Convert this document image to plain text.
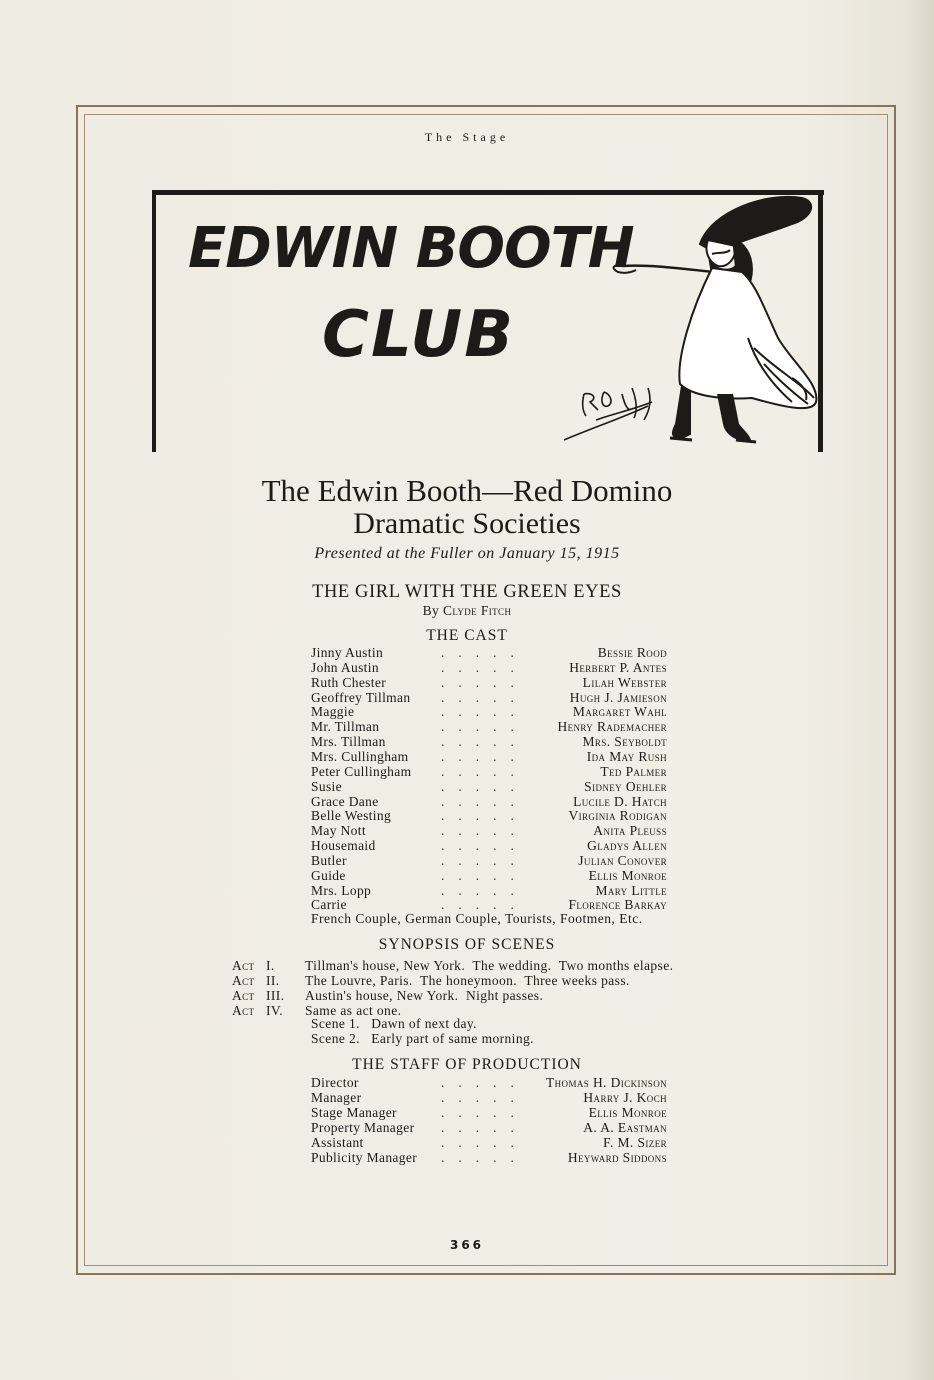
The Stage
EDWIN BOOTH
CLUB
The Edwin Booth—Red Domino
Dramatic Societies
Presented at the Fuller on January 15, 1915
THE GIRL WITH THE GREEN EYES
By Clyde Fitch
THE CAST
Jinny Austin	.....	Bessie Rood
John Austin	.....	Herbert P. Antes
Ruth Chester	.....	Lilah Webster
Geoffrey Tillman .....	Hugh J. Jamieson
Maggie	.....	Margaret Wahl
Mr. Tillman	..... Henry Rademacher
Mrs. Tillman	.....	Mrs. Seyboldt
Mrs. Cullingham .....	Ida May Rush
Peter Cullingham .....	Ted Palmer
Susie	.....	Sidney Oehler
Grace Dane	.....	Lucile D. Hatch
Belle Westing	.....	Virginia Rodigan
May Nott	.....	Anita Pleuss
Housemaid	.....	Gladys Allen
Butler	.....	Julian Conover
Guide	.....	Ellis Monroe
Mrs. Lopp	.....	Mary Little
Carrie	.....	Florence Barkay
French Couple, German Couple, Tourists, Footmen, Etc.
SYNOPSIS OF SCENES
Act I. Tillman's house, New York.  The wedding.  Two months elapse.
Act II. The Louvre, Paris.  The honeymoon.  Three weeks pass.
Act III. Austin's house, New York.  Night passes.
Act IV. Same as act one.
Scene 1.   Dawn of next day.
Scene 2.   Early part of same morning.
THE STAFF OF PRODUCTION
Director	..... Thomas H. Dickinson
Manager	.....	Harry J. Koch
Stage Manager	.....	Ellis Monroe
Property Manager .....	A. A. Eastman
Assistant	.....	F. M. Sizer
Publicity Manager .....	Heyward Siddons
366
